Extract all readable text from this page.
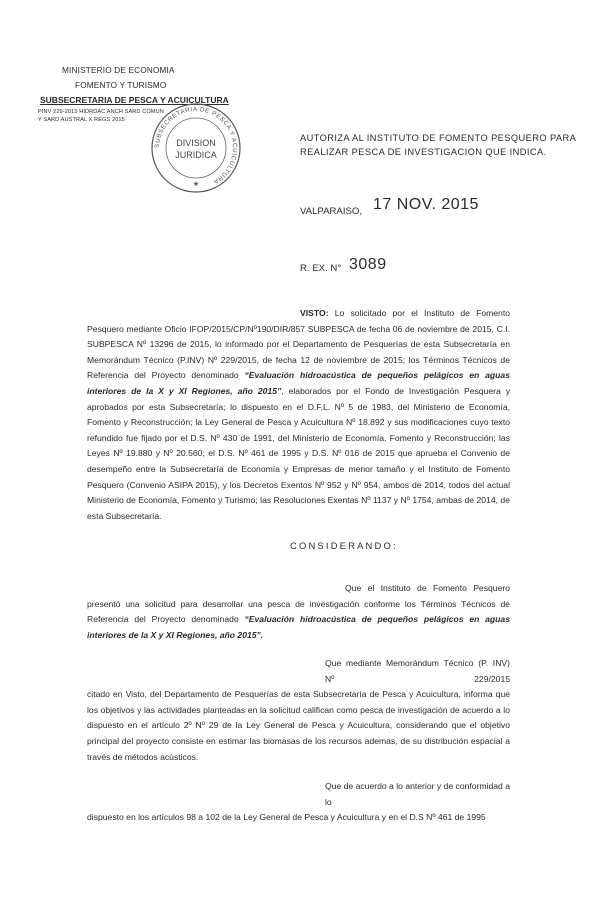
MINISTERIO DE ECONOMIA
FOMENTO Y TURISMO
SUBSECRETARIA DE PESCA Y ACUICULTURA
PINV 229-2015 HIDRDAC ANCH SARD COMUN
Y SARD AUSTRAL X REGS 2015
SUBSECRETARIA DE PESCA Y ACUICULTURA
DIVISION
JURIDICA
★
AUTORIZA AL INSTITUTO DE FOMENTO PESQUERO PARA
REALIZAR PESCA DE INVESTIGACION QUE INDICA.
VALPARAISO, 17 NOV. 2015
R. EX. N° 3089
VISTO: Lo solicitado por el Instituto de Fomento Pesquero mediante Oficio IFOP/2015/CP/Nº190/DIR/857 SUBPESCA de fecha 06 de noviembre de 2015, C.I. SUBPESCA Nº 13296 de 2015, lo informado por el Departamento de Pesquerías de esta Subsecretaría en Memorándum Técnico (P.INV) Nº 229/2015, de fecha 12 de noviembre de 2015; los Términos Técnicos de Referencia del Proyecto denominado “Evaluación hidroacústica de pequeños pelágicos en aguas interiores de la X y XI Regiones, año 2015”, elaborados por el Fondo de Investigación Pesquera y aprobados por esta Subsecretaría; lo dispuesto en el D.F.L. Nº 5 de 1983, del Ministerio de Economía, Fomento y Reconstrucción; la Ley General de Pesca y Acuicultura Nº 18.892 y sus modificaciones cuyo texto refundido fue fijado por el D.S. Nº 430 de 1991, del Ministerio de Economía, Fomento y Reconstrucción; las Leyes Nº 19.880 y Nº 20.560; el D.S. Nº 461 de 1995 y D.S. Nº 016 de 2015 que aprueba el Convenio de desempeño entre la Subsecretaría de Economía y Empresas de menor tamaño y el Instituto de Fomento Pesquero (Convenio ASIPA 2015), y los Decretos Exentos Nº 952 y Nº 954, ambos de 2014, todos del actual Ministerio de Economía, Fomento y Turismo; las Resoluciones Exentas Nº 1137 y Nº 1754, ambas de 2014, de esta Subsecretaría.
CONSIDERANDO:
Que el Instituto de Fomento Pesquero presentó una solicitud para desarrollar una pesca de investigación conforme los Términos Técnicos de Referencia del Proyecto denominado “Evaluación hidroacústica de pequeños pelágicos en aguas interiores de la X y XI Regiones, año 2015”.
Que mediante Memorándum Técnico (P. INV) Nº 229/2015
citado en Visto, del Departamento de Pesquerías de esta Subsecretaría de Pesca y Acuicultura, informa que los objetivos y las actividades planteadas en la solicitud califican como pesca de investigación de acuerdo a lo dispuesto en el artículo 2º Nº 29 de la Ley General de Pesca y Acuicultura, considerando que el objetivo principal del proyecto consiste en estimar las biomasas de los recursos ademas, de su distribución espacial a través de métodos acústicos.
Que de acuerdo a lo anterior y de conformidad a lo
dispuesto en los artículos 98 a 102 de la Ley General de Pesca y Acuicultura y en el D.S Nº 461 de 1995
